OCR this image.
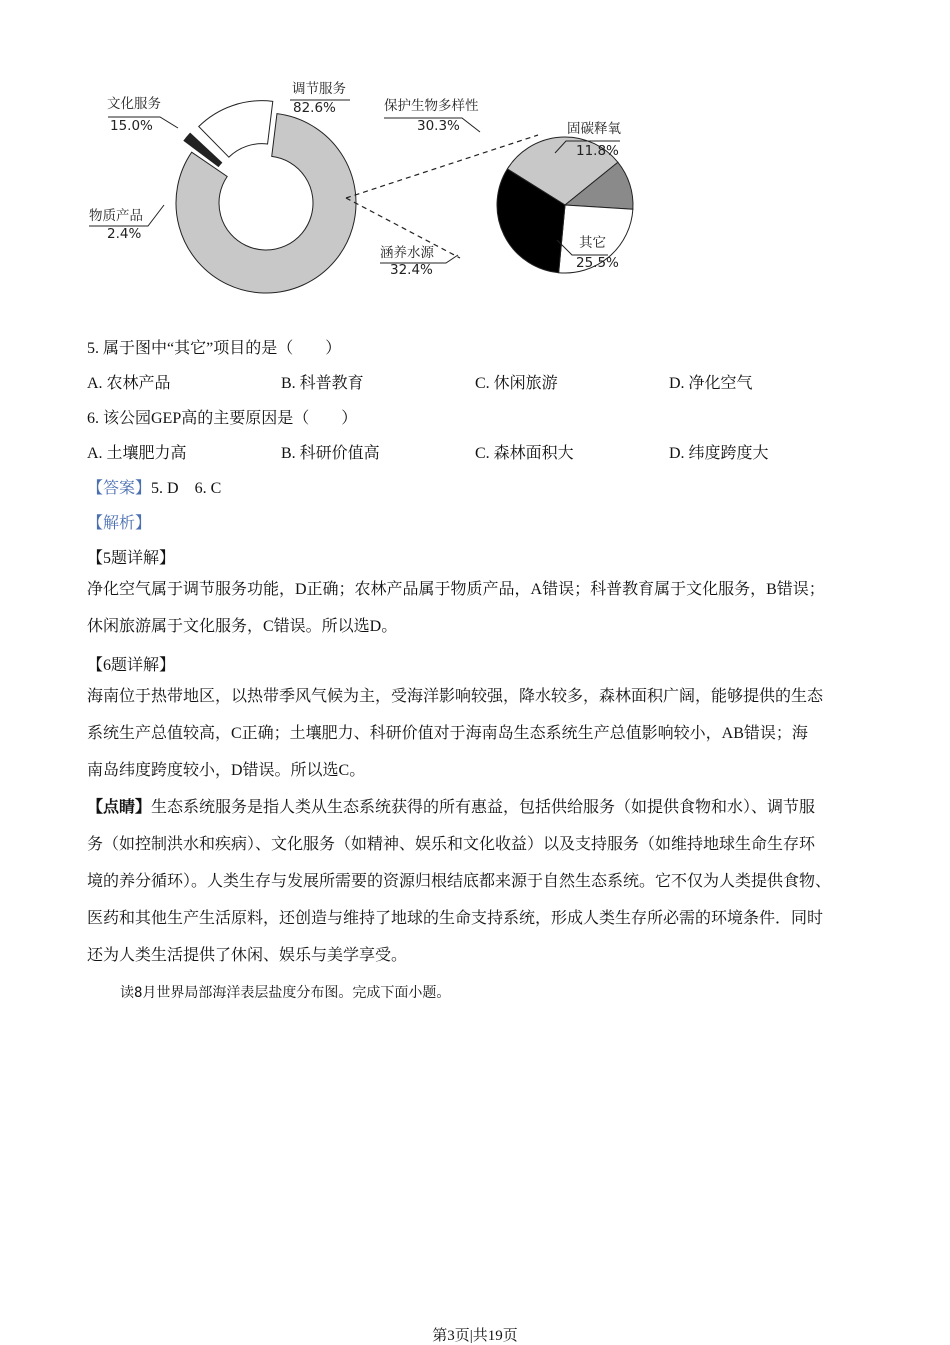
文化服务
15.0%
调节服务
82.6%
物质产品
2.4%
保护生物多样性
30.3%	固碳释氧
11.8%
其它
25.5%
涵养水源
32.4%
5. 属于图中“其它”项目的是（　　）
A. 农林产品	B. 科普教育	C. 休闲旅游	D. 净化空气
6. 该公园GEP高的主要原因是（　　）
A. 土壤肥力高	B. 科研价值高	C. 森林面积大	D. 纬度跨度大
【答案】5. D　6. C
【解析】
【5题详解】
净化空气属于调节服务功能，D正确；农林产品属于物质产品，A错误；科普教育属于文化服务，B错误；
休闲旅游属于文化服务，C错误。所以选D。
【6题详解】
海南位于热带地区，以热带季风气候为主，受海洋影响较强，降水较多，森林面积广阔，能够提供的生态
系统生产总值较高，C正确；土壤肥力、科研价值对于海南岛生态系统生产总值影响较小，AB错误；海
南岛纬度跨度较小，D错误。所以选C。
【点睛】生态系统服务是指人类从生态系统获得的所有惠益，包括供给服务（如提供食物和水）、调节服
务（如控制洪水和疾病）、文化服务（如精神、娱乐和文化收益）以及支持服务（如维持地球生命生存环
境的养分循环）。人类生存与发展所需要的资源归根结底都来源于自然生态系统。它不仅为人类提供食物、
医药和其他生产生活原料，还创造与维持了地球的生命支持系统，形成人类生存所必需的环境条件．同时
还为人类生活提供了休闲、娱乐与美学享受。
读8月世界局部海洋表层盐度分布图。完成下面小题。
第3页|共19页
